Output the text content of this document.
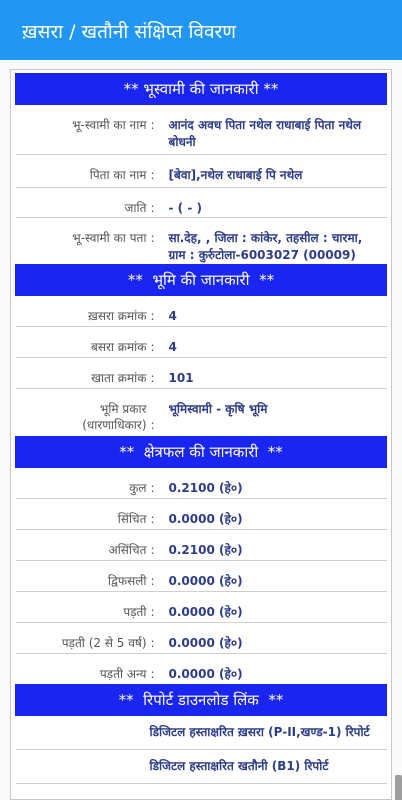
ख़सरा / खतौनी संक्षिप्त विवरण
** भूस्वामी की जानकारी **		
भू-स्वामी का नाम	:	आनंद अवध पिता नथेल राधाबाई पिता नथेल बोधनी
पिता का नाम	:	[बेवा],नथेल राधाबाई पि नथेल
जाति	:	- ( - )
भू-स्वामी का पता	:	सा.देह, , जिला : कांकेर, तहसील : चारमा, ग्राम : कुर्रुटोला-6003027 (00009)
**  भूमि की जानकारी  **		
ख़सरा क्रमांक	:	4
बसरा क्रमांक	:	4
खाता क्रमांक	:	101
भूमि प्रकार
(धारणाधिकार)	:	भूमिस्वामी - कृषि भूमि
**  क्षेत्रफल की जानकारी  **		
कुल	:	0.2100 (हे०)
सिंचित	:	0.0000 (हे०)
असिंचित	:	0.2100 (हे०)
द्विफसली	:	0.0000 (हे०)
पड़ती	:	0.0000 (हे०)
पड़ती (2 से 5 वर्ष)	:	0.0000 (हे०)
पड़ती अन्य	:	0.0000 (हे०)
**  रिपोर्ट डाउनलोड लिंक  **		
डिजिटल हस्ताक्षरित ख़सरा (P-II,खण्ड-1) रिपोर्ट		
डिजिटल हस्ताक्षरित खतौनी (B1) रिपोर्ट		
